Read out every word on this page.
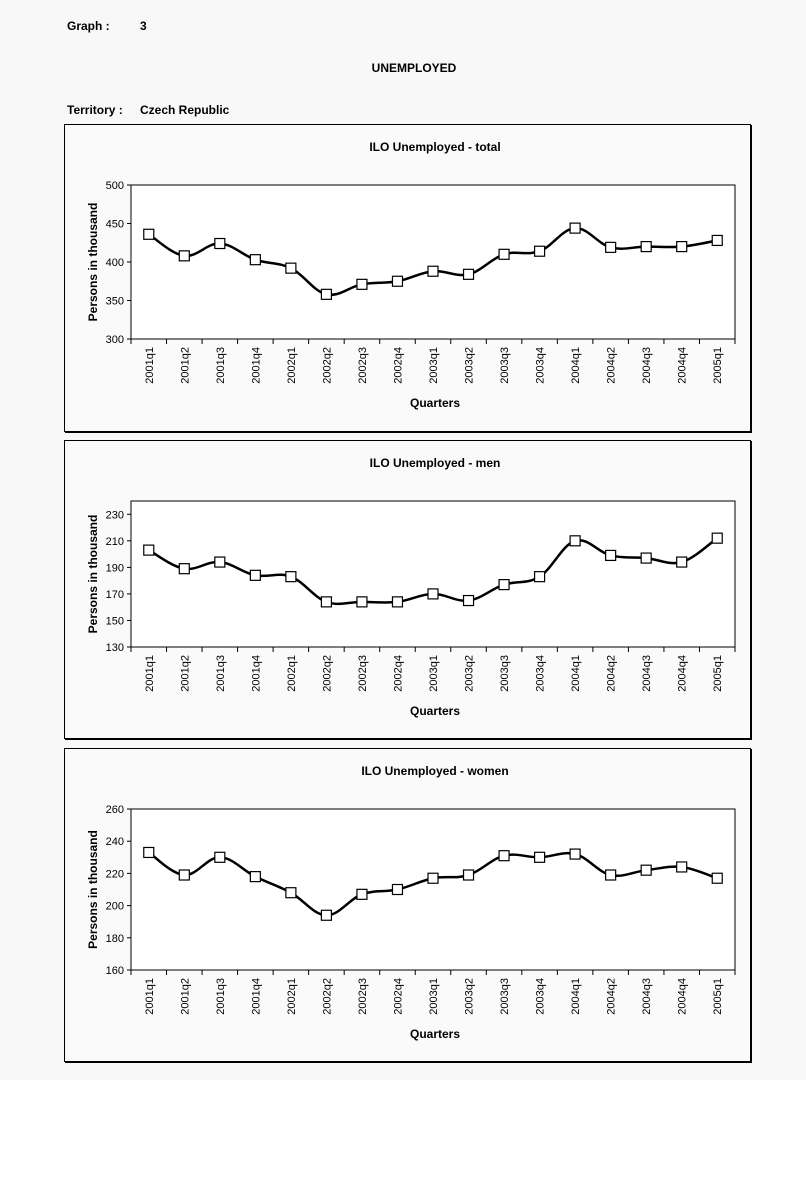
Graph :	3
UNEMPLOYED
Territory : Czech Republic
ILO Unemployed - total
300
350
400
450
500
2001q1 2001q2 2001q3 2001q4 2002q1 2002q2 2002q3 2002q4 2003q1 2003q2 2003q3 2003q4 2004q1 2004q2 2004q3 2004q4 2005q1
Persons in thousand
Quarters
ILO Unemployed - men
130
150
170
190
210
230
2001q1 2001q2 2001q3 2001q4 2002q1 2002q2 2002q3 2002q4 2003q1 2003q2 2003q3 2003q4 2004q1 2004q2 2004q3 2004q4 2005q1
Persons in thousand
Quarters
ILO Unemployed - women
160
180
200
220
240
260
2001q1 2001q2 2001q3 2001q4 2002q1 2002q2 2002q3 2002q4 2003q1 2003q2 2003q3 2003q4 2004q1 2004q2 2004q3 2004q4 2005q1
Persons in thousand
Quarters
